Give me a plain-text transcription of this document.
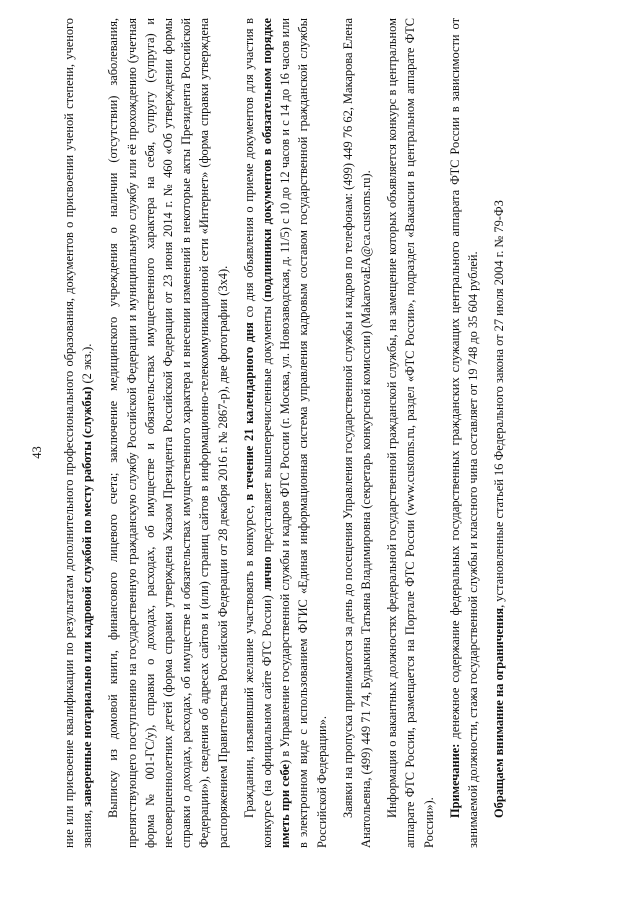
43 ние или присвоение квалификации по результатам дополнительного профессионального образования, документов о присвоении ученой степени, ученого звания, заверенные нотариально или кадровой службой по месту работы (службы) (2 экз.). Выписку из домовой книги, финансового лицевого счета; заключение медицинского учреждения о наличии (отсутствии) заболевания, препятствующего поступлению на государственную гражданскую службу Российской Федерации и муниципальную службу или её прохождению (учетная форма № 001-ГС/у), справки о доходах, расходах, об имуществе и обязательствах имущественного характера на себя, супругу (супруга) и несовершеннолетних детей (форма справки утверждена Указом Президента Российской Федерации от 23 июня 2014 г. № 460 «Об утверждении формы справки о доходах, расходах, об имуществе и обязательствах имущественного характера и внесении изменений в некоторые акты Президента Российской Федерации»), сведения об адресах сайтов и (или) страниц сайтов в информационно-телекоммуникационной сети «Интернет» (форма справки утверждена распоряжением Правительства Российской Федерации от 28 декабря 2016 г. № 2867-р), две фотографии (3х4). Гражданин, изъявивший желание участвовать в конкурсе, в течение 21 календарного дня со дня объявления о приеме документов для участия в конкурсе (на официальном сайте ФТС России) лично представляет вышеперечисленные документы (подлинники документов в обязательном порядке иметь при себе) в Управление государственной службы и кадров ФТС России (г. Москва, ул. Новозаводская, д. 11/5) с 10 до 12 часов и с 14 до 16 часов или в электронном виде с использованием ФГИС «Единая информационная система управления кадровым составом государственной гражданской службы Российской Федерации». Заявки на пропуска принимаются за день до посещения Управления государственной службы и кадров по телефонам: (499) 449 76 62, Макарова Елена Анатольевна, (499) 449 71 74, Будыкина Татьяна Владимировна (секретарь конкурсной комиссии) (MakarovaEA@ca.customs.ru). Информация о вакантных должностях федеральной государственной гражданской службы, на замещение которых объявляется конкурс в центральном аппарате ФТС России, размещается на Портале ФТС России (www.customs.ru, раздел «ФТС России», подраздел «Вакансии в центральном аппарате ФТС России»).

Примечание: денежное содержание федеральных государственных гражданских служащих центрального аппарата ФТС России в зависимости от занимаемой должности, стажа государственной службы и классного чина составляет от 19 748 до 35 604 рублей. Обращаем внимание на ограничения, установленные статьей 16 Федерального закона от 27 июля 2004 г. № 79-ФЗ
